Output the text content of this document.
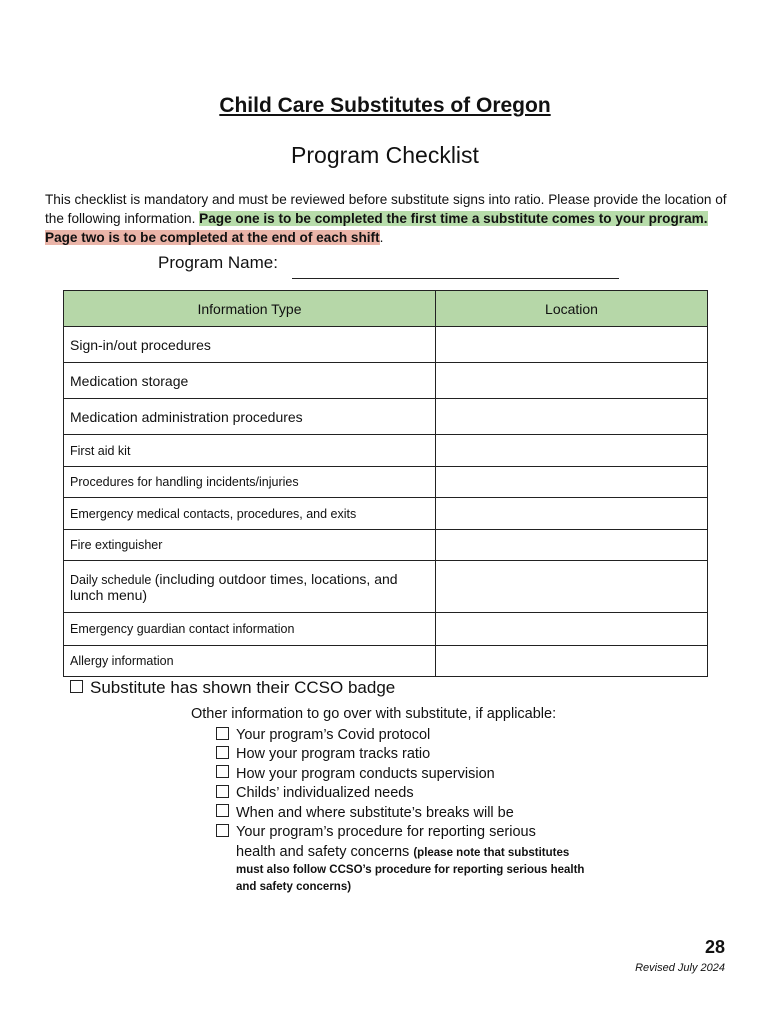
Child Care Substitutes of Oregon
Program Checklist
This checklist is mandatory and must be reviewed before substitute signs into ratio. Please provide the location of the following information. Page one is to be completed the first time a substitute comes to your program. Page two is to be completed at the end of each shift.
Program Name:
Information Type	Location
Sign-in/out procedures	
Medication storage	
Medication administration procedures	
First aid kit	
Procedures for handling incidents/injuries	
Emergency medical contacts, procedures, and exits	
Fire extinguisher	
Daily schedule (including outdoor times, locations, and lunch menu)	
Emergency guardian contact information	
Allergy information	
Substitute has shown their CCSO badge
Other information to go over with substitute, if applicable:
Your program’s Covid protocol
How your program tracks ratio
How your program conducts supervision
Childs’ individualized needs
When and where substitute’s breaks will be
Your program’s procedure for reporting serious
health and safety concerns (please note that substitutes must also follow CCSO’s procedure for reporting serious health and safety concerns)
28
Revised July 2024
